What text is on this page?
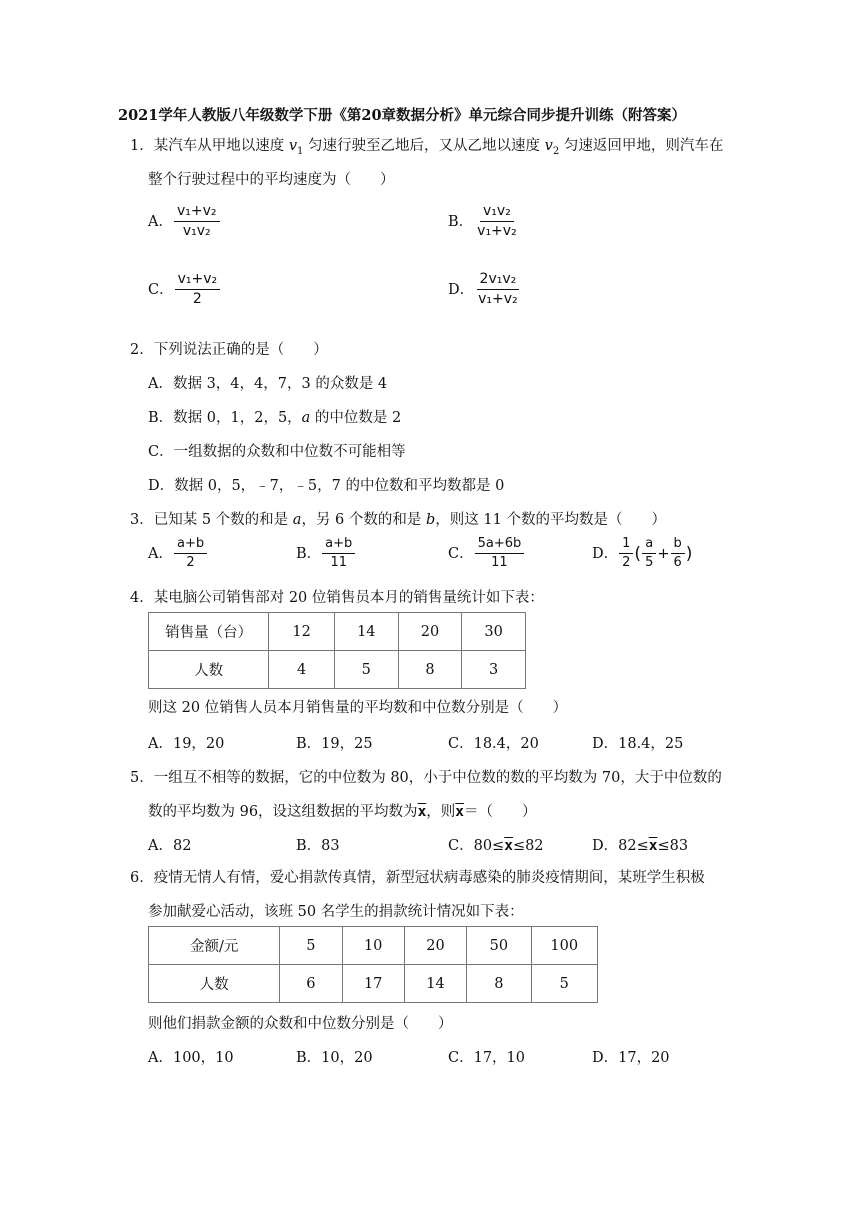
2021学年人教版八年级数学下册《第20章数据分析》单元综合同步提升训练（附答案）
1．某汽车从甲地以速度 $v_1$ 匀速行驶至乙地后，又从乙地以速度 $v_2$ 匀速返回甲地，则汽车在
整个行驶过程中的平均速度为（　　）
A． $\frac{\text{v₁+v₂}}{\text{v₁v₂}}$	B． $\frac{\text{v₁v₂}}{\text{v₁+v₂}}$
C． $\frac{\text{v₁+v₂}}{2}$	D． $\frac{\text{2v₁v₂}}{\text{v₁+v₂}}$
2．下列说法正确的是（　　）
A．数据 3，4，4，7，3 的众数是 4
B．数据 0，1，2，5，a 的中位数是 2
C．一组数据的众数和中位数不可能相等
D．数据 0，5，﹣7，﹣5，7 的中位数和平均数都是 0
3．已知某 5 个数的和是 a，另 6 个数的和是 b，则这 11 个数的平均数是（　　）
A． $\frac{a+b}{2}$	B． $\frac{a+b}{11}$	C． $\frac{5a+6b}{11}$	D． $\frac{1}{2}$ ( $\frac{a}{5} + \frac{b}{6}$ )
4．某电脑公司销售部对 20 位销售员本月的销售量统计如下表：
销售量（台）	12	14	20	30
人数	4	5	8	3
则这 20 位销售人员本月销售量的平均数和中位数分别是（　　）
A．19，20	B．19，25	C．18.4，20	D．18.4，25
5．一组互不相等的数据，它的中位数为 80，小于中位数的数的平均数为 70，大于中位数的
数的平均数为 96，设这组数据的平均数为$\overline{x}$，则$\overline{x}=$（　　）
A．82	B．83	C．$80\le\overline{x}\le 82$	D．$82\le\overline{x}\le 83$
6．疫情无情人有情，爱心捐款传真情，新型冠状病毒感染的肺炎疫情期间，某班学生积极
参加献爱心活动，该班 50 名学生的捐款统计情况如下表：
金额/元	5	10	20	50	100
人数	6	17	14	8	5
则他们捐款金额的众数和中位数分别是（　　）
A．100，10	B．10，20	C．17，10	D．17，20
